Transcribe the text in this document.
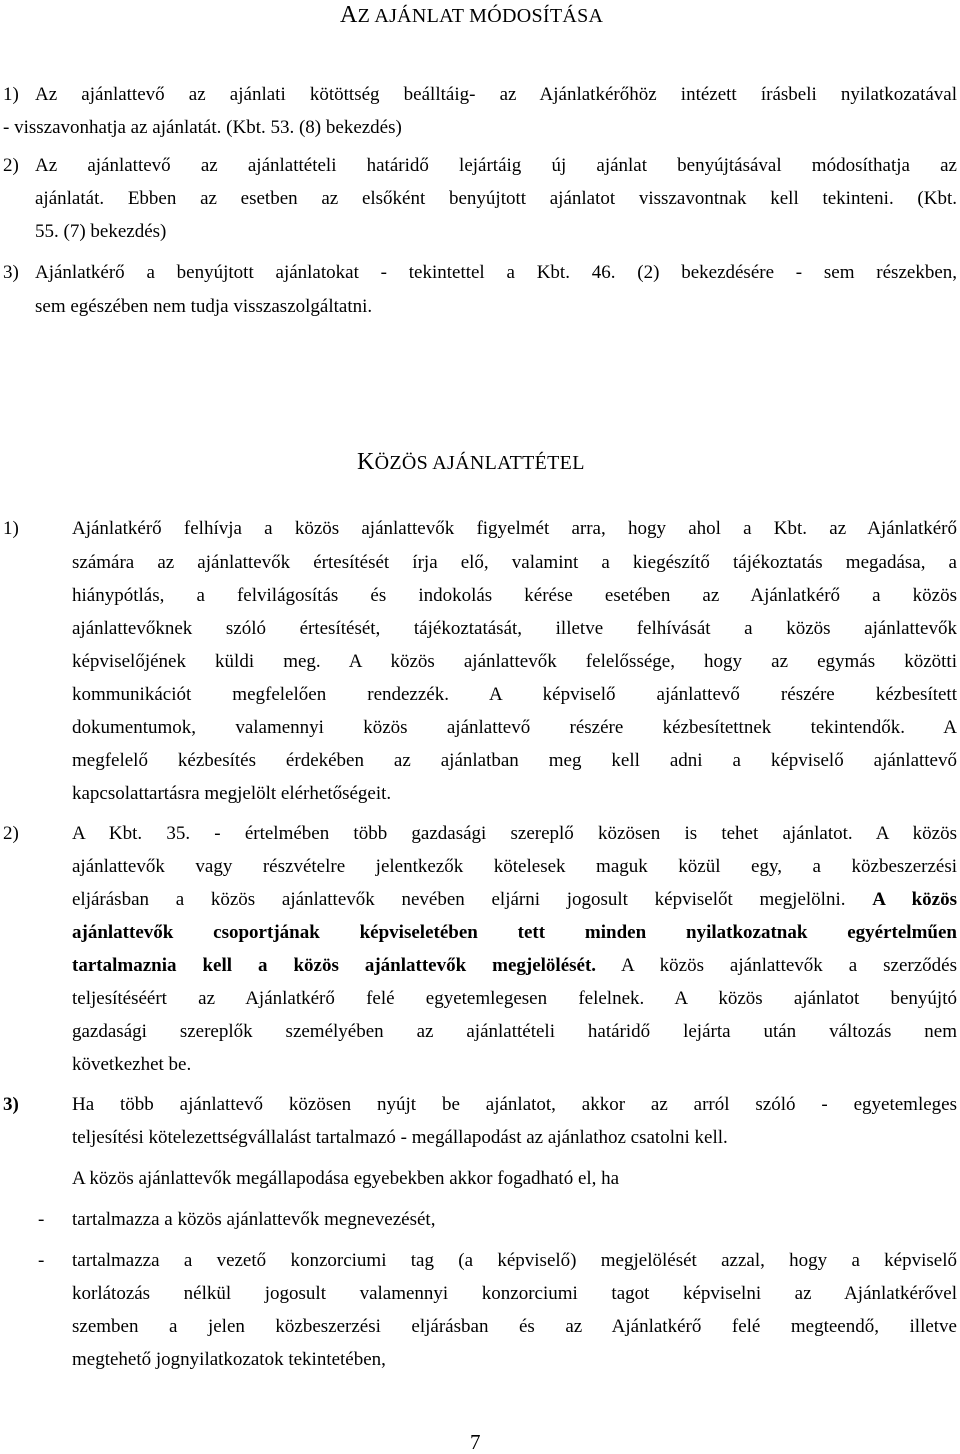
AZ AJÁNLAT MÓDOSÍTÁSA
1) Az ajánlattevő az ajánlati kötöttség beálltáig- az Ajánlatkérőhöz intézett írásbeli nyilatkozatával
- visszavonhatja az ajánlatát. (Kbt. 53. (8) bekezdés)
2) Az ajánlattevő az ajánlattételi határidő lejártáig új ajánlat benyújtásával módosíthatja az
ajánlatát. Ebben az esetben az elsőként benyújtott ajánlatot visszavontnak kell tekinteni. (Kbt.
55. (7) bekezdés)
3) Ajánlatkérő a benyújtott ajánlatokat - tekintettel a Kbt. 46. (2) bekezdésére - sem részekben,
sem egészében nem tudja visszaszolgáltatni.
KÖZÖS AJÁNLATTÉTEL
1)	Ajánlatkérő felhívja a közös ajánlattevők figyelmét arra, hogy ahol a Kbt. az Ajánlatkérő
számára az ajánlattevők értesítését írja elő, valamint a kiegészítő tájékoztatás megadása, a
hiánypótlás, a felvilágosítás és indokolás kérése esetében az Ajánlatkérő a közös
ajánlattevőknek szóló értesítését, tájékoztatását, illetve felhívását a közös ajánlattevők
képviselőjének küldi meg. A közös ajánlattevők felelőssége, hogy az egymás közötti
kommunikációt megfelelően rendezzék. A képviselő ajánlattevő részére kézbesített
dokumentumok, valamennyi közös ajánlattevő részére kézbesítettnek tekintendők. A
megfelelő kézbesítés érdekében az ajánlatban meg kell adni a képviselő ajánlattevő
kapcsolattartásra megjelölt elérhetőségeit.
2)	A Kbt. 35. - értelmében több gazdasági szereplő közösen is tehet ajánlatot. A közös
ajánlattevők vagy részvételre jelentkezők kötelesek maguk közül egy, a közbeszerzési
eljárásban a közös ajánlattevők nevében eljárni jogosult képviselőt megjelölni. A közös
ajánlattevők csoportjának képviseletében tett minden nyilatkozatnak egyértelműen
tartalmaznia kell a közös ajánlattevők megjelölését. A közös ajánlattevők a szerződés
teljesítéséért az Ajánlatkérő felé egyetemlegesen felelnek. A közös ajánlatot benyújtó
gazdasági szereplők személyében az ajánlattételi határidő lejárta után változás nem
következhet be.
3)	Ha több ajánlattevő közösen nyújt be ajánlatot, akkor az arról szóló - egyetemleges
teljesítési kötelezettségvállalást tartalmazó - megállapodást az ajánlathoz csatolni kell.
A közös ajánlattevők megállapodása egyebekben akkor fogadható el, ha
- tartalmazza a közös ajánlattevők megnevezését,
- tartalmazza a vezető konzorciumi tag (a képviselő) megjelölését azzal, hogy a képviselő
korlátozás nélkül jogosult valamennyi konzorciumi tagot képviselni az Ajánlatkérővel
szemben a jelen közbeszerzési eljárásban és az Ajánlatkérő felé megteendő, illetve
megtehető jognyilatkozatok tekintetében,
7
